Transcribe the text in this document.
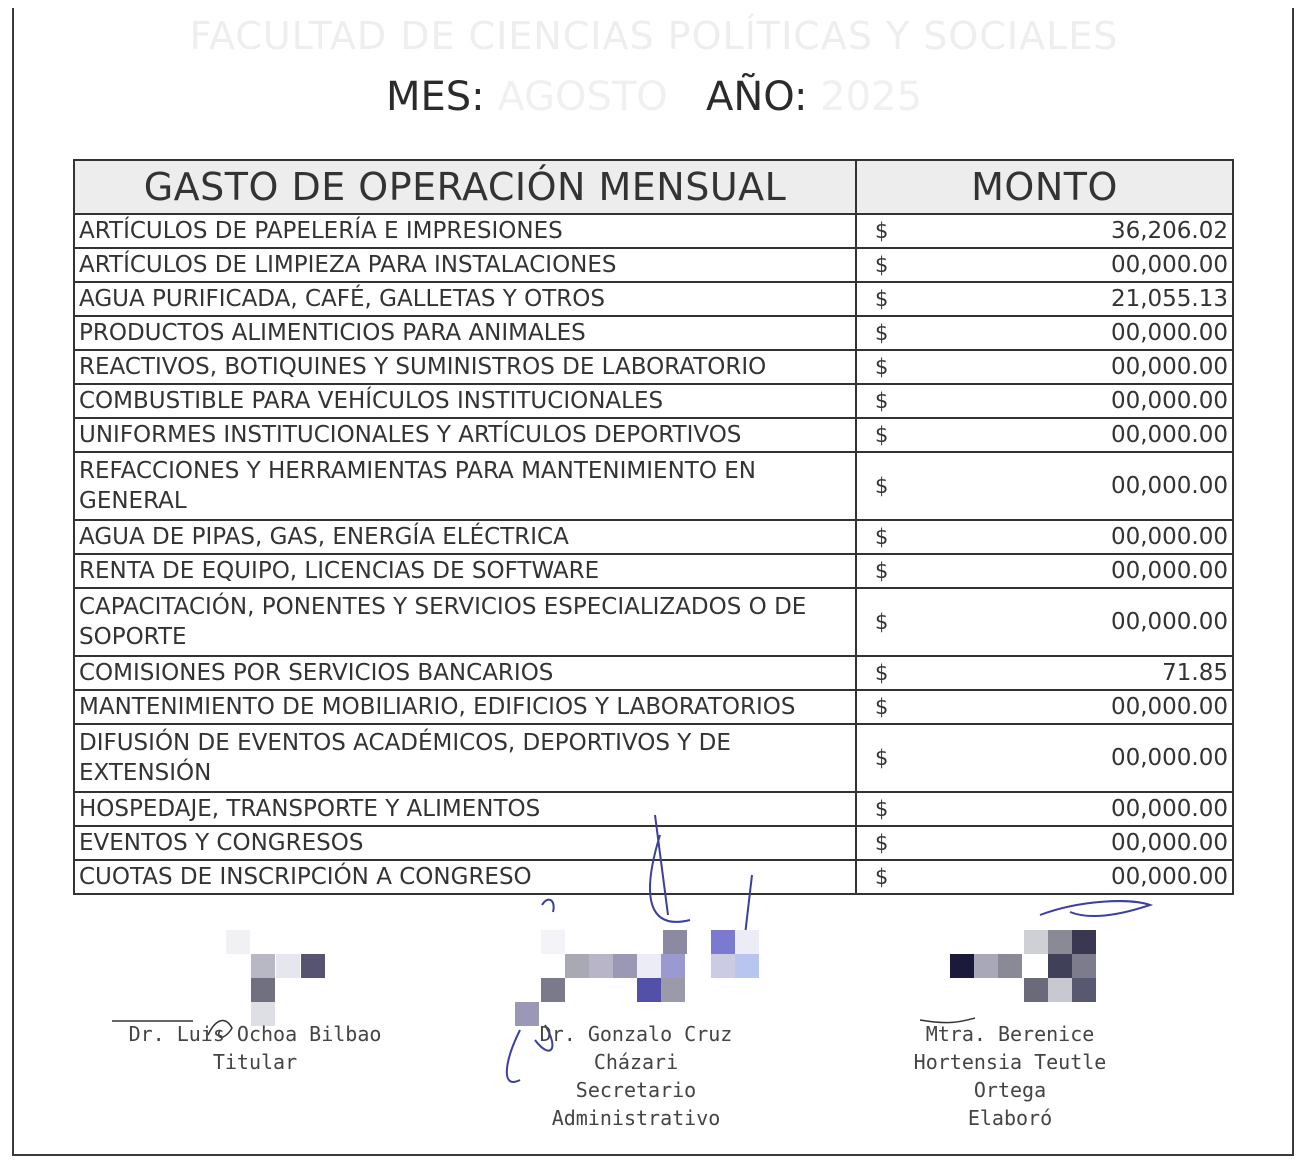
FACULTAD DE CIENCIAS POLÍTICAS Y SOCIALES
MES: AGOSTO AÑO: 2025
GASTO DE OPERACIÓN MENSUAL	MONTO
ARTÍCULOS DE PAPELERÍA E IMPRESIONES	$ 36,206.02

ARTÍCULOS DE LIMPIEZA PARA INSTALACIONES	$ 00,000.00

AGUA PURIFICADA, CAFÉ, GALLETAS Y OTROS	$ 21,055.13

PRODUCTOS ALIMENTICIOS PARA ANIMALES	$ 00,000.00

REACTIVOS, BOTIQUINES Y SUMINISTROS DE LABORATORIO	$ 00,000.00

COMBUSTIBLE PARA VEHÍCULOS INSTITUCIONALES	$ 00,000.00

UNIFORMES INSTITUCIONALES Y ARTÍCULOS DEPORTIVOS	$ 00,000.00

REFACCIONES Y HERRAMIENTAS PARA MANTENIMIENTO EN GENERAL	$ 00,000.00

AGUA DE PIPAS, GAS, ENERGÍA ELÉCTRICA	$ 00,000.00

RENTA DE EQUIPO, LICENCIAS DE SOFTWARE	$ 00,000.00

CAPACITACIÓN, PONENTES Y SERVICIOS ESPECIALIZADOS O DE SOPORTE	$ 00,000.00

COMISIONES POR SERVICIOS BANCARIOS	$ 71.85

MANTENIMIENTO DE MOBILIARIO, EDIFICIOS Y LABORATORIOS	$ 00,000.00

DIFUSIÓN DE EVENTOS ACADÉMICOS, DEPORTIVOS Y DE EXTENSIÓN	$ 00,000.00

HOSPEDAJE, TRANSPORTE Y ALIMENTOS	$ 00,000.00

EVENTOS Y CONGRESOS	$ 00,000.00

CUOTAS DE INSCRIPCIÓN A CONGRESO	$ 00,000.00
Dr. Luis Ochoa Bilbao
Titular
Dr. Gonzalo Cruz
Cházari
Secretario
Administrativo
Mtra. Berenice
Hortensia Teutle
Ortega
Elaboró
